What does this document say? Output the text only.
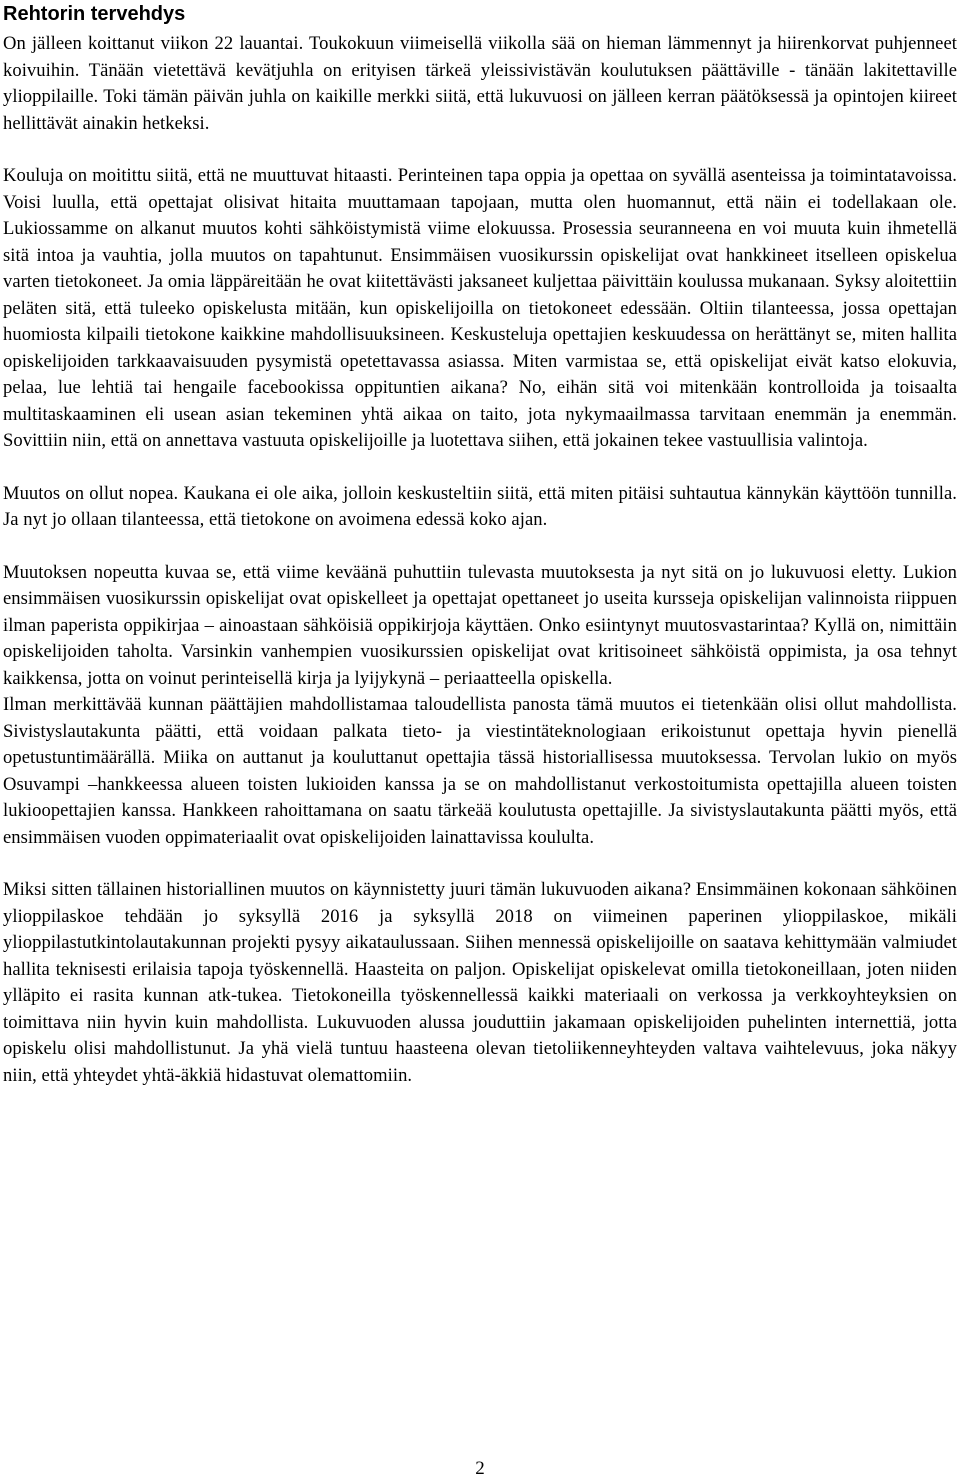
Rehtorin tervehdys

On jälleen koittanut viikon 22 lauantai. Toukokuun viimeisellä viikolla sää on hieman lämmennyt ja hiirenkorvat puhjenneet koivuihin. Tänään vietettävä kevätjuhla on erityisen tärkeä yleissivistävän koulutuksen päättäville - tänään lakitettaville ylioppilaille. Toki tämän päivän juhla on kaikille merkki siitä, että lukuvuosi on jälleen kerran päätöksessä ja opintojen kiireet hellittävät ainakin hetkeksi.

Kouluja on moitittu siitä, että ne muuttuvat hitaasti. Perinteinen tapa oppia ja opettaa on syvällä asenteissa ja toimintatavoissa. Voisi luulla, että opettajat olisivat hitaita muuttamaan tapojaan, mutta olen huomannut, että näin ei todellakaan ole. Lukiossamme on alkanut muutos kohti sähköistymistä viime elokuussa. Prosessia seuranneena en voi muuta kuin ihmetellä sitä intoa ja vauhtia, jolla muutos on tapahtunut. Ensimmäisen vuosikurssin opiskelijat ovat hankkineet itselleen opiskelua varten tietokoneet. Ja omia läppäreitään he ovat kiitettävästi jaksaneet kuljettaa päivittäin koulussa mukanaan. Syksy aloitettiin peläten sitä, että tuleeko opiskelusta mitään, kun opiskelijoilla on tietokoneet edessään. Oltiin tilanteessa, jossa opettajan huomiosta kilpaili tietokone kaikkine mahdollisuuksineen. Keskusteluja opettajien keskuudessa on herättänyt se, miten hallita opiskelijoiden tarkkaavaisuuden pysymistä opetettavassa asiassa. Miten varmistaa se, että opiskelijat eivät katso elokuvia, pelaa, lue lehtiä tai hengaile facebookissa oppituntien aikana? No, eihän sitä voi mitenkään kontrolloida ja toisaalta multitaskaaminen eli usean asian tekeminen yhtä aikaa on taito, jota nykymaailmassa tarvitaan enemmän ja enemmän. Sovittiin niin, että on annettava vastuuta opiskelijoille ja luotettava siihen, että jokainen tekee vastuullisia valintoja.

Muutos on ollut nopea. Kaukana ei ole aika, jolloin keskusteltiin siitä, että miten pitäisi suhtautua kännykän käyttöön tunnilla. Ja nyt jo ollaan tilanteessa, että tietokone on avoimena edessä koko ajan.

Muutoksen nopeutta kuvaa se, että viime keväänä puhuttiin tulevasta muutoksesta ja nyt sitä on jo lukuvuosi eletty. Lukion ensimmäisen vuosikurssin opiskelijat ovat opiskelleet ja opettajat opettaneet jo useita kursseja opiskelijan valinnoista riippuen ilman paperista oppikirjaa – ainoastaan sähköisiä oppikirjoja käyttäen. Onko esiintynyt muutosvastarintaa? Kyllä on, nimittäin opiskelijoiden taholta. Varsinkin vanhempien vuosikurssien opiskelijat ovat kritisoineet sähköistä oppimista, ja osa tehnyt kaikkensa, jotta on voinut perinteisellä kirja ja lyijykynä – periaatteella opiskella.

Ilman merkittävää kunnan päättäjien mahdollistamaa taloudellista panosta tämä muutos ei tietenkään olisi ollut mahdollista. Sivistyslautakunta päätti, että voidaan palkata tieto- ja viestintäteknologiaan erikoistunut opettaja hyvin pienellä opetustuntimäärällä. Miika on auttanut ja kouluttanut opettajia tässä historiallisessa muutoksessa. Tervolan lukio on myös Osuvampi –hankkeessa alueen toisten lukioiden kanssa ja se on mahdollistanut verkostoitumista opettajilla alueen toisten lukioopettajien kanssa. Hankkeen rahoittamana on saatu tärkeää koulutusta opettajille. Ja sivistyslautakunta päätti myös, että ensimmäisen vuoden oppimateriaalit ovat opiskelijoiden lainattavissa koululta.

Miksi sitten tällainen historiallinen muutos on käynnistetty juuri tämän lukuvuoden aikana? Ensimmäinen kokonaan sähköinen ylioppilaskoe tehdään jo syksyllä 2016 ja syksyllä 2018 on viimeinen paperinen ylioppilaskoe, mikäli ylioppilastutkintolautakunnan projekti pysyy aikataulussaan. Siihen mennessä opiskelijoille on saatava kehittymään valmiudet hallita teknisesti erilaisia tapoja työskennellä. Haasteita on paljon. Opiskelijat opiskelevat omilla tietokoneillaan, joten niiden ylläpito ei rasita kunnan atk-tukea. Tietokoneilla työskennellessä kaikki materiaali on verkossa ja verkkoyhteyksien on toimittava niin hyvin kuin mahdollista. Lukuvuoden alussa jouduttiin jakamaan opiskelijoiden puhelinten internettiä, jotta opiskelu olisi mahdollistunut. Ja yhä vielä tuntuu haasteena olevan tietoliikenneyhteyden valtava vaihtelevuus, joka näkyy niin, että yhteydet yhtä-äkkiä hidastuvat olemattomiin.

2
